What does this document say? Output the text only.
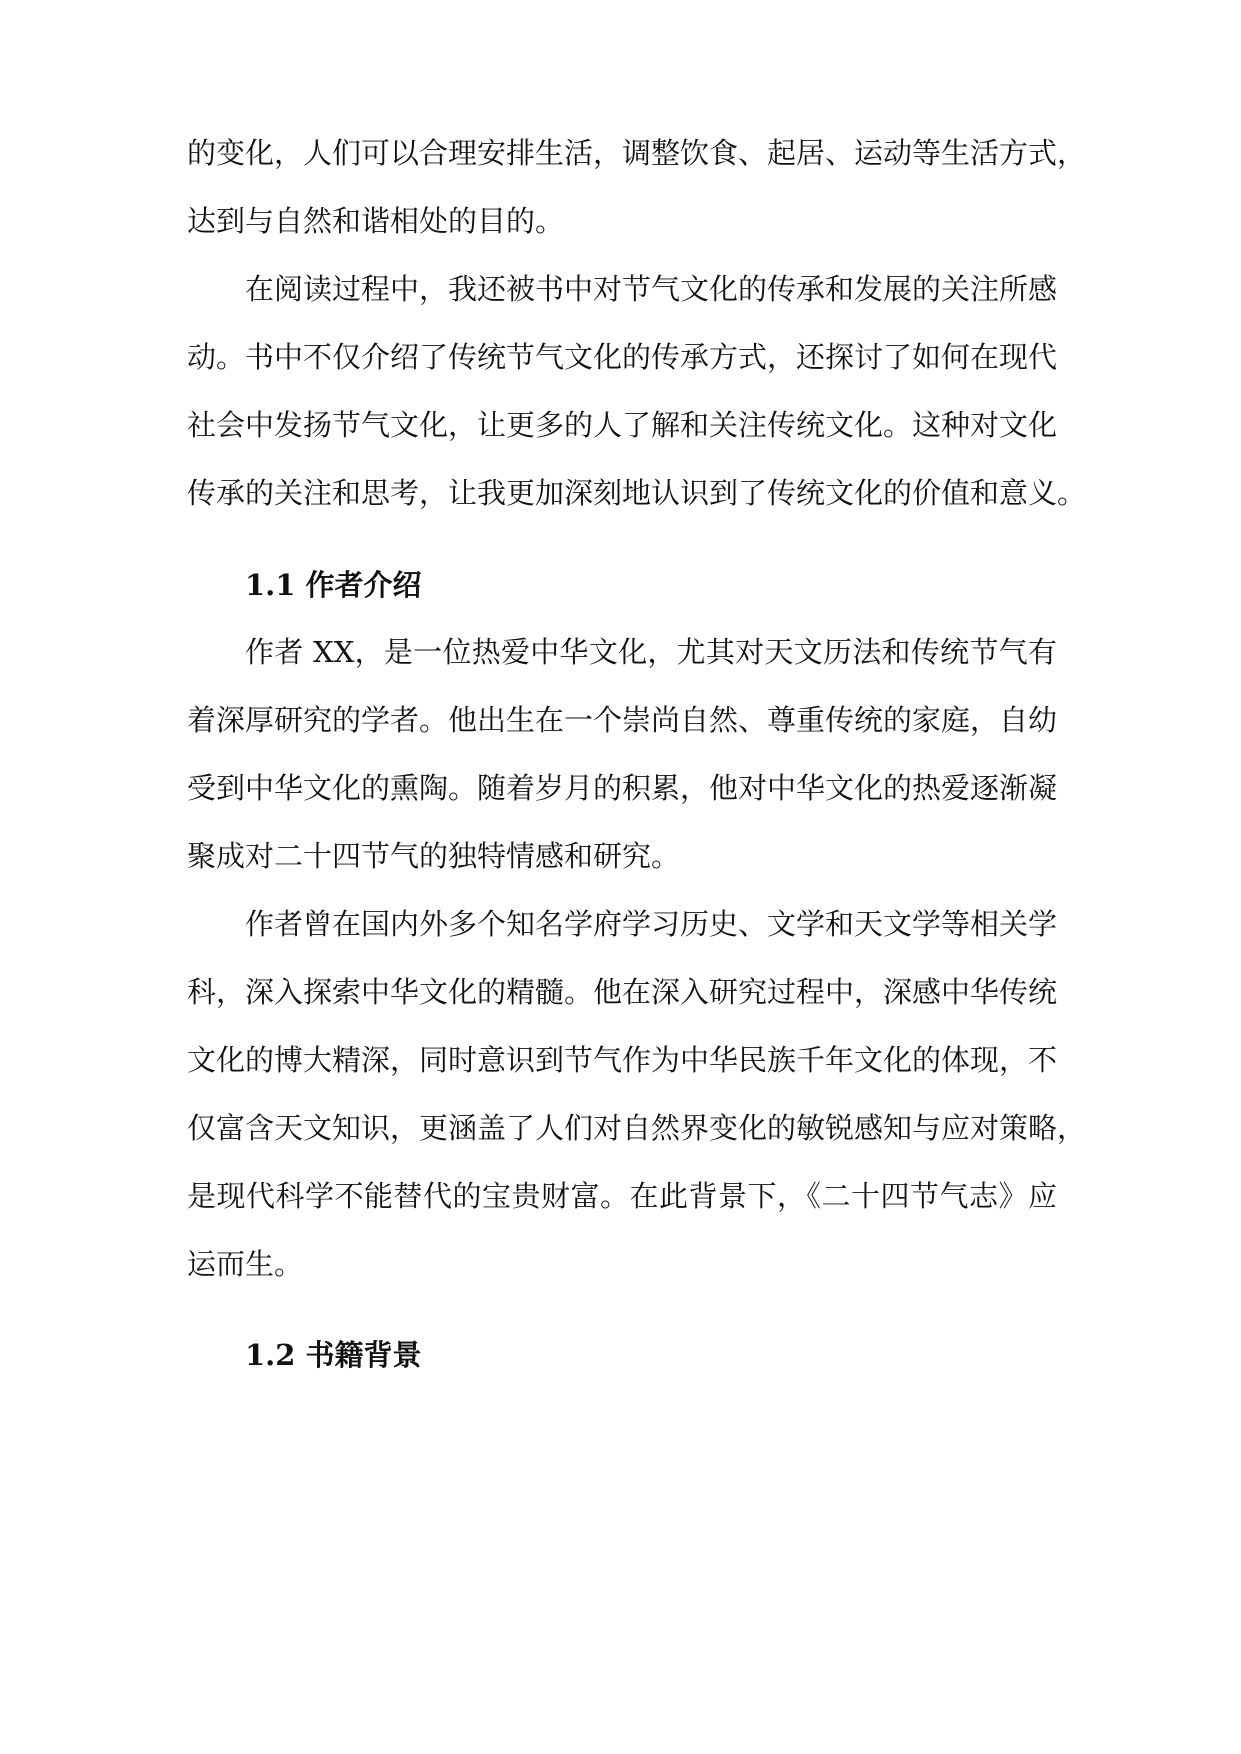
的变化，人们可以合理安排生活，调整饮食、起居、运动等生活方式，
达到与自然和谐相处的目的。
在阅读过程中，我还被书中对节气文化的传承和发展的关注所感
动。书中不仅介绍了传统节气文化的传承方式，还探讨了如何在现代
社会中发扬节气文化，让更多的人了解和关注传统文化。这种对文化
传承的关注和思考，让我更加深刻地认识到了传统文化的价值和意义。
1.1 作者介绍
作者 XX，是一位热爱中华文化，尤其对天文历法和传统节气有
着深厚研究的学者。他出生在一个崇尚自然、尊重传统的家庭，自幼
受到中华文化的熏陶。随着岁月的积累，他对中华文化的热爱逐渐凝
聚成对二十四节气的独特情感和研究。
作者曾在国内外多个知名学府学习历史、文学和天文学等相关学
科，深入探索中华文化的精髓。他在深入研究过程中，深感中华传统
文化的博大精深，同时意识到节气作为中华民族千年文化的体现，不
仅富含天文知识，更涵盖了人们对自然界变化的敏锐感知与应对策略，
是现代科学不能替代的宝贵财富。在此背景下，《二十四节气志》应
运而生。
1.2 书籍背景
